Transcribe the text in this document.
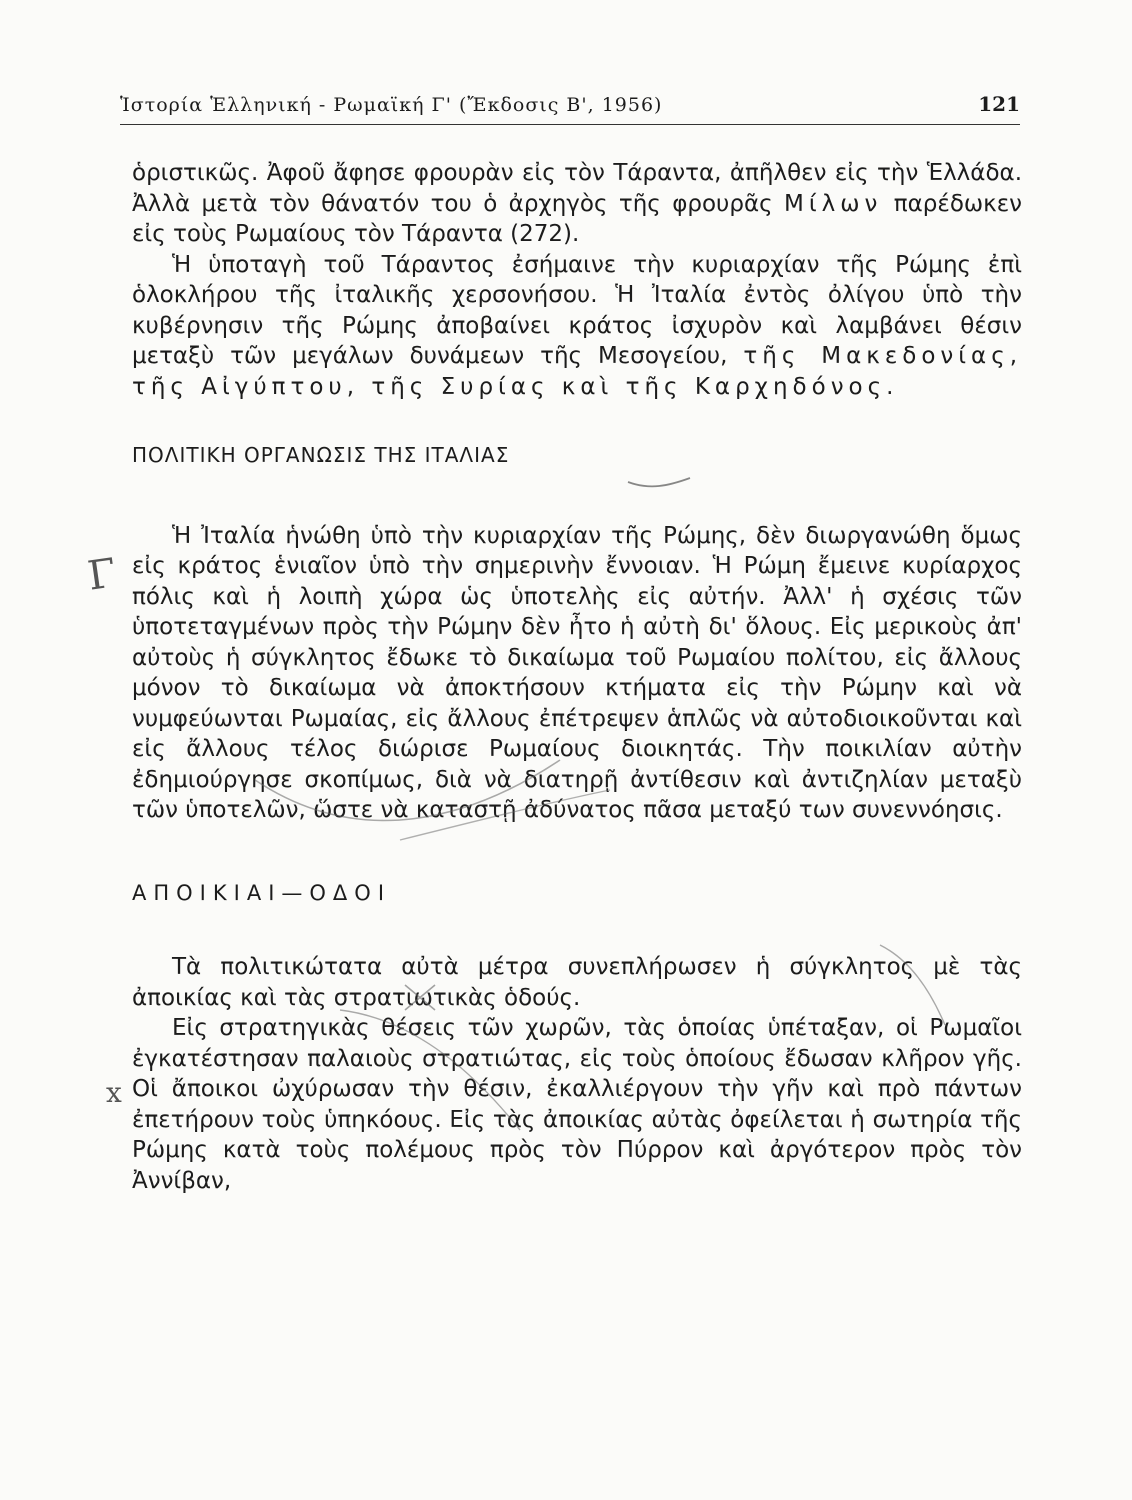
Ἱστορία Ἑλληνική - Ρωμαϊκή Γ' (Ἔκδοσις Β', 1956)	121

ὁριστικῶς. Ἀφοῦ ἄφησε φρουρὰν εἰς τὸν Τάραντα, ἀπῆλθεν εἰς τὴν Ἑλλάδα. Ἀλλὰ μετὰ τὸν θάνατόν του ὁ ἀρχηγὸς τῆς φρουρᾶς Μίλων παρέδωκεν εἰς τοὺς Ρωμαίους τὸν Τάραντα (272).

Ἡ ὑποταγὴ τοῦ Τάραντος ἐσήμαινε τὴν κυριαρχίαν τῆς Ρώμης ἐπὶ ὁλοκλήρου τῆς ἰταλικῆς χερσονήσου. Ἡ Ἰταλία ἐντὸς ὀλίγου ὑπὸ τὴν κυβέρνησιν τῆς Ρώμης ἀποβαίνει κράτος ἰσχυρὸν καὶ λαμβάνει θέσιν μεταξὺ τῶν μεγάλων δυνάμεων τῆς Μεσογείου, τῆς Μακεδονίας, τῆς Αἰγύπτου, τῆς Συρίας καὶ τῆς Καρχηδόνος.

ΠΟΛΙΤΙΚΗ ΟΡΓΑΝΩΣΙΣ ΤΗΣ ΙΤΑΛΙΑΣ

Ἡ Ἰταλία ἡνώθη ὑπὸ τὴν κυριαρχίαν τῆς Ρώμης, δὲν διωργανώθη ὅμως εἰς κράτος ἑνιαῖον ὑπὸ τὴν σημερινὴν ἔννοιαν. Ἡ Ρώμη ἔμεινε κυρίαρχος πόλις καὶ ἡ λοιπὴ χώρα ὡς ὑποτελὴς εἰς αὐτήν. Ἀλλ' ἡ σχέσις τῶν ὑποτεταγμένων πρὸς τὴν Ρώμην δὲν ἦτο ἡ αὐτὴ δι' ὅλους. Εἰς μερικοὺς ἀπ' αὐτοὺς ἡ σύγκλητος ἔδωκε τὸ δικαίωμα τοῦ Ρωμαίου πολίτου, εἰς ἄλλους μόνον τὸ δικαίωμα νὰ ἀποκτήσουν κτήματα εἰς τὴν Ρώμην καὶ νὰ νυμφεύωνται Ρωμαίας, εἰς ἄλλους ἐπέτρεψεν ἁπλῶς νὰ αὐτοδιοικοῦνται καὶ εἰς ἄλλους τέλος διώρισε Ρωμαίους διοικητάς. Τὴν ποικιλίαν αὐτὴν ἐδημιούργησε σκοπίμως, διὰ νὰ διατηρῇ ἀντίθεσιν καὶ ἀντιζηλίαν μεταξὺ τῶν ὑποτελῶν, ὥστε νὰ καταστῇ ἀδύνατος πᾶσα μεταξύ των συνεννόησις.

ΑΠΟΙΚΙΑΙ—ΟΔΟΙ

Τὰ πολιτικώτατα αὐτὰ μέτρα συνεπλήρωσεν ἡ σύγκλητος μὲ τὰς ἀποικίας καὶ τὰς στρατιωτικὰς ὁδούς.

Εἰς στρατηγικὰς θέσεις τῶν χωρῶν, τὰς ὁποίας ὑπέταξαν, οἱ Ρωμαῖοι ἐγκατέστησαν παλαιοὺς στρατιώτας, εἰς τοὺς ὁποίους ἔδωσαν κλῆρον γῆς. Οἱ ἄποικοι ὠχύρωσαν τὴν θέσιν, ἐκαλλιέργουν τὴν γῆν καὶ πρὸ πάντων ἐπετήρουν τοὺς ὑπηκόους. Εἰς τὰς ἀποικίας αὐτὰς ὀφείλεται ἡ σωτηρία τῆς Ρώμης κατὰ τοὺς πολέμους πρὸς τὸν Πύρρον καὶ ἀργότερον πρὸς τὸν Ἀννίβαν,

Γ
x
